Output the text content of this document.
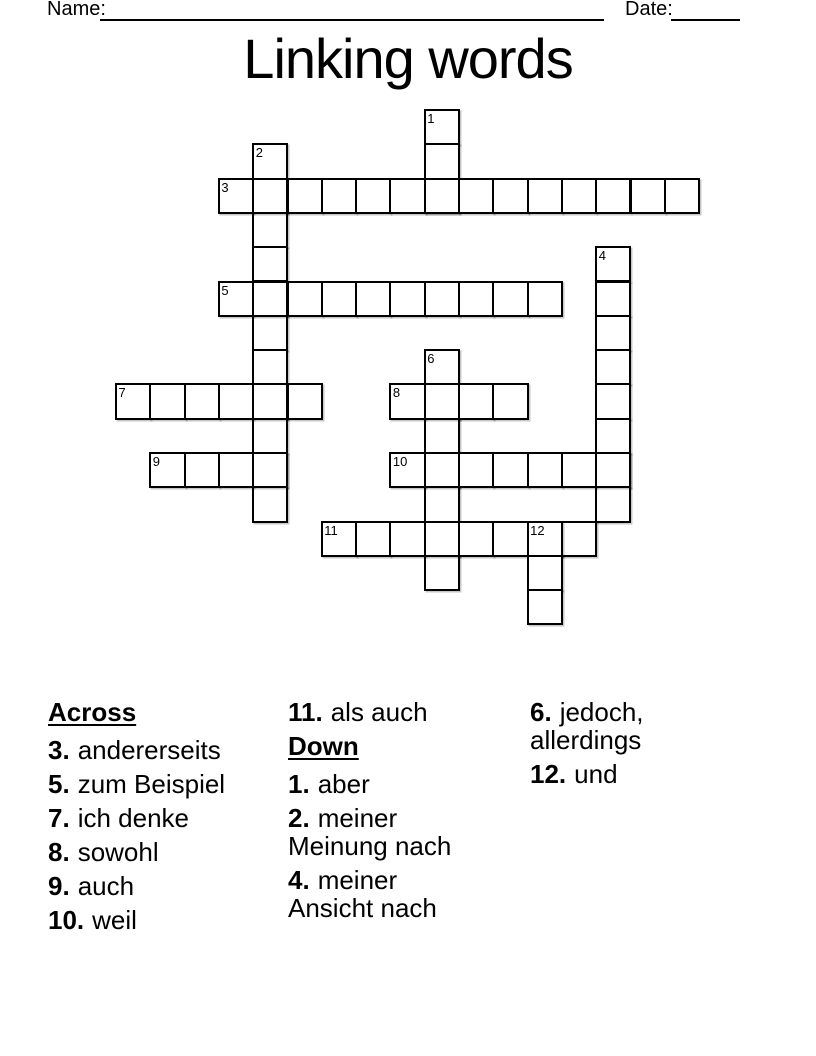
Name:	Date:
Linking words
1
2
3
4
5
6
7	8
9	10
11	12
Across
3. andererseits
5. zum Beispiel
7. ich denke
8. sowohl
9. auch
10. weil
11. als auch
Down
1. aber
2. meiner Meinung nach
4. meiner Ansicht nach
6. jedoch, allerdings
12. und
